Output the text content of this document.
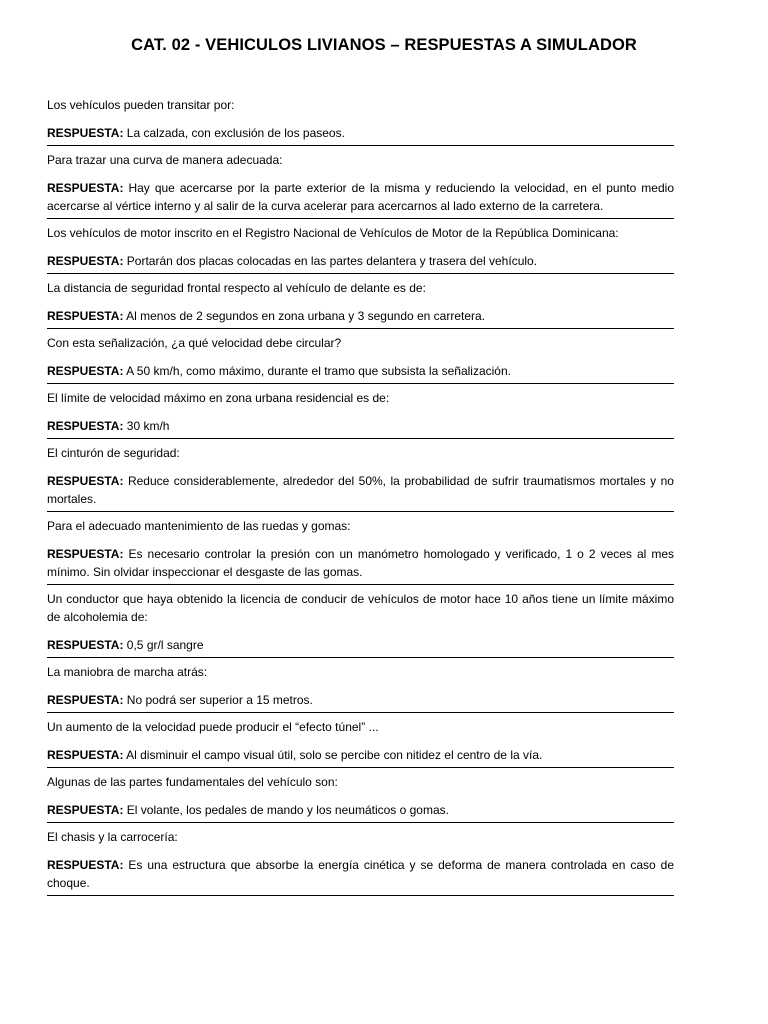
CAT. 02 - VEHICULOS LIVIANOS – RESPUESTAS A SIMULADOR

Los vehículos pueden transitar por:

RESPUESTA: La calzada, con exclusión de los paseos.

Para trazar una curva de manera adecuada:

RESPUESTA: Hay que acercarse por la parte exterior de la misma y reduciendo la velocidad, en el punto medio acercarse al vértice interno y al salir de la curva acelerar para acercarnos al lado externo de la carretera.

Los vehículos de motor inscrito en el Registro Nacional de Vehículos de Motor de la República Dominicana:

RESPUESTA: Portarán dos placas colocadas en las partes delantera y trasera del vehículo.

La distancia de seguridad frontal respecto al vehículo de delante es de:

RESPUESTA: Al menos de 2 segundos en zona urbana y 3 segundo en carretera.

Con esta señalización, ¿a qué velocidad debe circular?

RESPUESTA: A 50 km/h, como máximo, durante el tramo que subsista la señalización.

El límite de velocidad máximo en zona urbana residencial es de:

RESPUESTA: 30 km/h

El cinturón de seguridad:

RESPUESTA: Reduce considerablemente, alrededor del 50%, la probabilidad de sufrir traumatismos mortales y no mortales.

Para el adecuado mantenimiento de las ruedas y gomas:

RESPUESTA: Es necesario controlar la presión con un manómetro homologado y verificado, 1 o 2 veces al mes mínimo. Sin olvidar inspeccionar el desgaste de las gomas.

Un conductor que haya obtenido la licencia de conducir de vehículos de motor hace 10 años tiene un límite máximo de alcoholemia de:

RESPUESTA: 0,5 gr/l sangre

La maniobra de marcha atrás:

RESPUESTA: No podrá ser superior a 15 metros.

Un aumento de la velocidad puede producir el “efecto túnel” ...

RESPUESTA: Al disminuir el campo visual útil, solo se percibe con nitidez el centro de la vía.

Algunas de las partes fundamentales del vehículo son:

RESPUESTA: El volante, los pedales de mando y los neumáticos o gomas.

El chasis y la carrocería:

RESPUESTA: Es una estructura que absorbe la energía cinética y se deforma de manera controlada en caso de choque.
